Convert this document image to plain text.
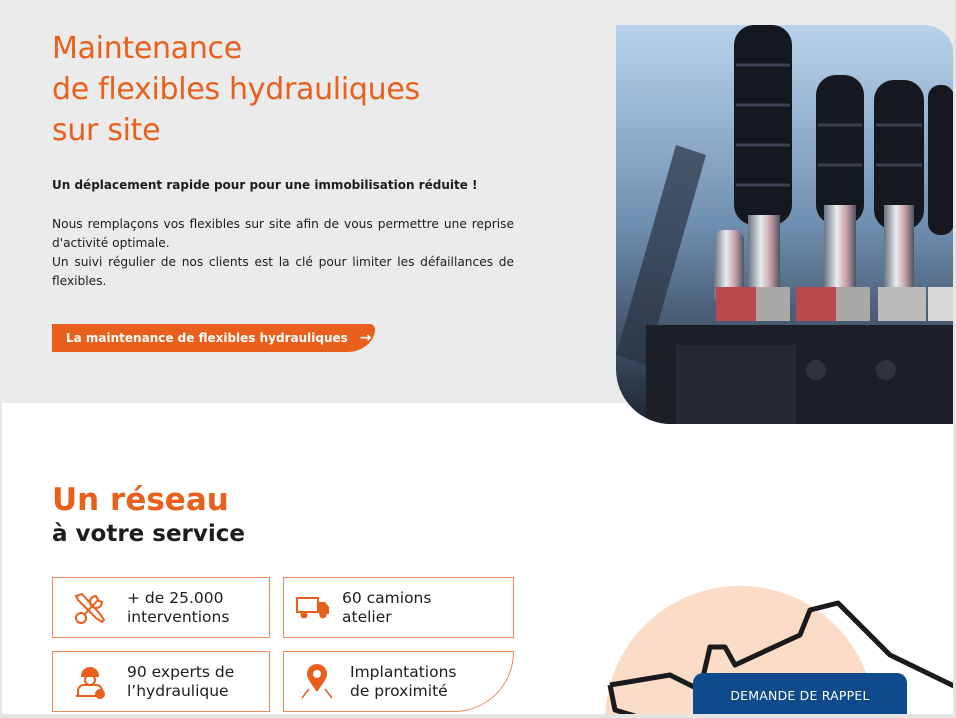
Maintenance
de flexibles hydrauliques
sur site

Un déplacement rapide pour pour une immobilisation réduite !

Nous remplaçons vos flexibles sur site afin de vous permettre une reprise d'activité optimale.

Un suivi régulier de nos clients est la clé pour limiter les défaillances de flexibles.

La maintenance de flexibles hydrauliques →
Un réseau
à votre service
+ de 25.000
interventions
60 camions
atelier
90 experts de
l’hydraulique
Implantations
de proximité	DEMANDE DE RAPPEL
